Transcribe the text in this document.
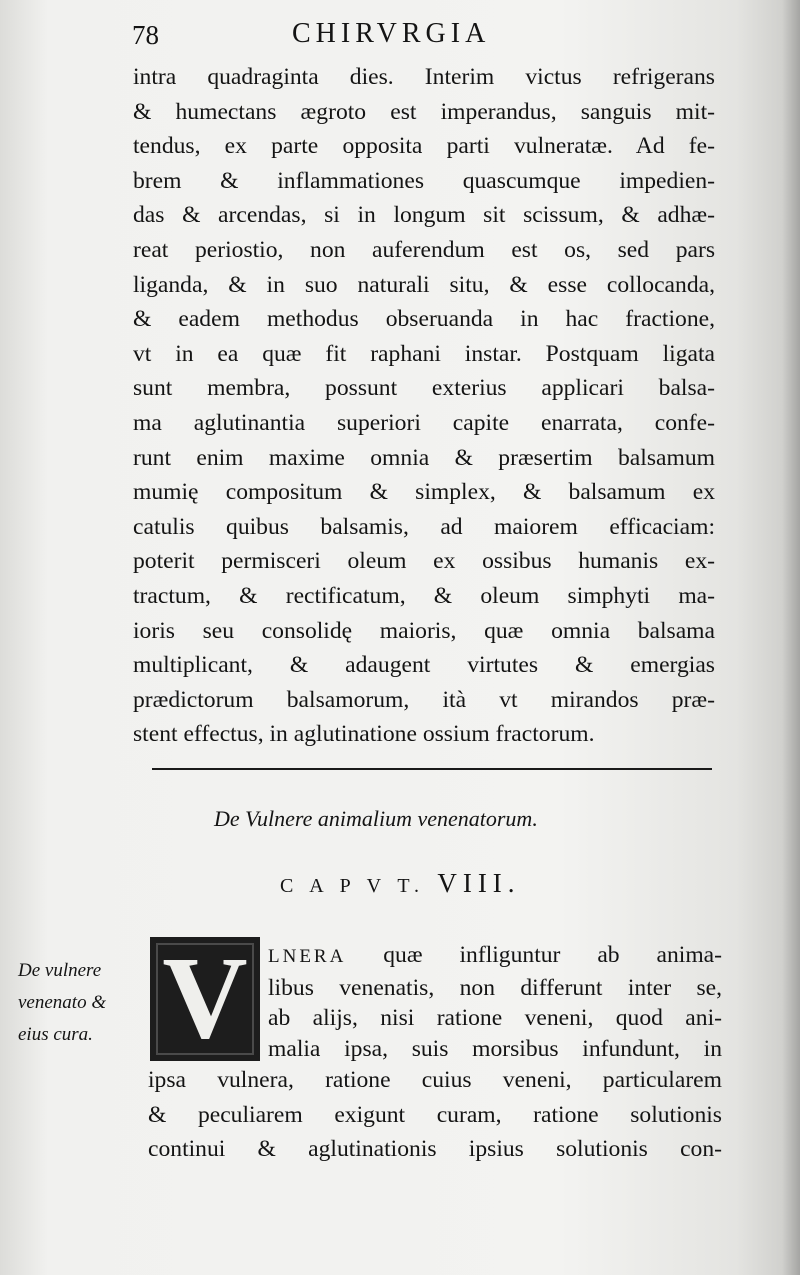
78	CHIRVRGIA
intra quadraginta dies. Interim victus refrigerans
& humectans ægroto est imperandus, sanguis mit-
tendus, ex parte opposita parti vulneratæ. Ad fe-
brem & inflammationes quascumque impedien-
das & arcendas, si in longum sit scissum, & adhæ-
reat periostio, non auferendum est os, sed pars
liganda, & in suo naturali situ, & esse collocanda,
& eadem methodus obseruanda in hac fractione,
vt in ea quæ fit raphani instar. Postquam ligata
sunt membra, possunt exterius applicari balsa-
ma aglutinantia superiori capite enarrata, confe-
runt enim maxime omnia & præsertim balsamum
mumię compositum & simplex, & balsamum ex
catulis quibus balsamis, ad maiorem efficaciam:
poterit permisceri oleum ex ossibus humanis ex-
tractum, & rectificatum, & oleum simphyti ma-
ioris seu consolidę maioris, quæ omnia balsama
multiplicant, & adaugent virtutes & emergias
prædictorum balsamorum, ità vt mirandos præ-
stent effectus, in aglutinatione ossium fractorum.
De Vulnere animalium venenatorum.
C A P V T. VIII.
De vulnere
venenato &
eius cura. V	LNERA quæ infliguntur ab anima-
libus venenatis, non differunt inter se,
ab alijs, nisi ratione veneni, quod ani-
malia ipsa, suis morsibus infundunt, in
ipsa vulnera, ratione cuius veneni, particularem
& peculiarem exigunt curam, ratione solutionis
continui & aglutinationis ipsius solutionis con-
